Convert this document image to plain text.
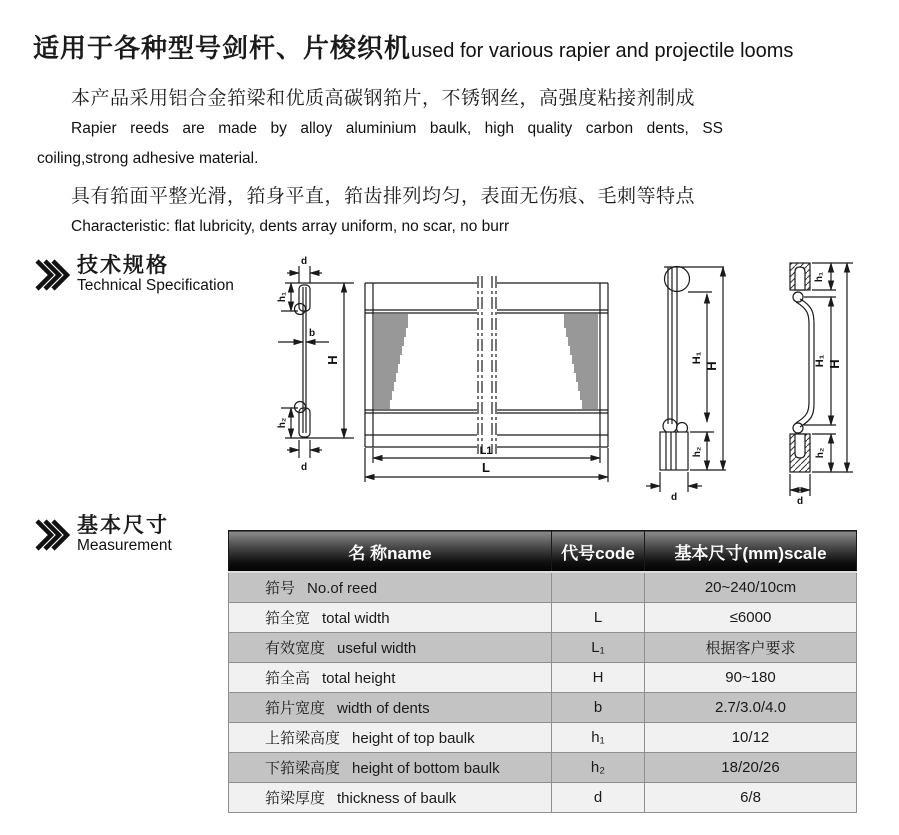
适用于各种型号剑杆、片梭织机used for various rapier and projectile looms
本产品采用铝合金筘梁和优质高碳钢筘片，不锈钢丝，高强度粘接剂制成
Rapier reeds are made by alloy aluminium baulk, high quality carbon dents, SS
coiling,strong adhesive material.
具有筘面平整光滑，筘身平直，筘齿排列均匀，表面无伤痕、毛刺等特点
Characteristic: flat lubricity, dents array uniform, no scar, no burr
技术规格
Technical Specification
d
h₁
b
H
h₂
d
L1
L
H₁
h₂
H
d
h₁
H₁
h₂
H
d
基本尺寸
Measurement	名 称name	代号code	基本尺寸(mm)scale
筘号 No.of reed		20~240/10cm
筘全宽 total width	L	≤6000
有效宽度 useful width	L₁	根据客户要求
筘全高 total height	H	90~180
筘片宽度 width of dents	b	2.7/3.0/4.0
上筘梁高度 height of top baulk	h₁	10/12
下筘梁高度 height of bottom baulk	h₂	18/20/26
筘梁厚度 thickness of baulk	d	6/8
